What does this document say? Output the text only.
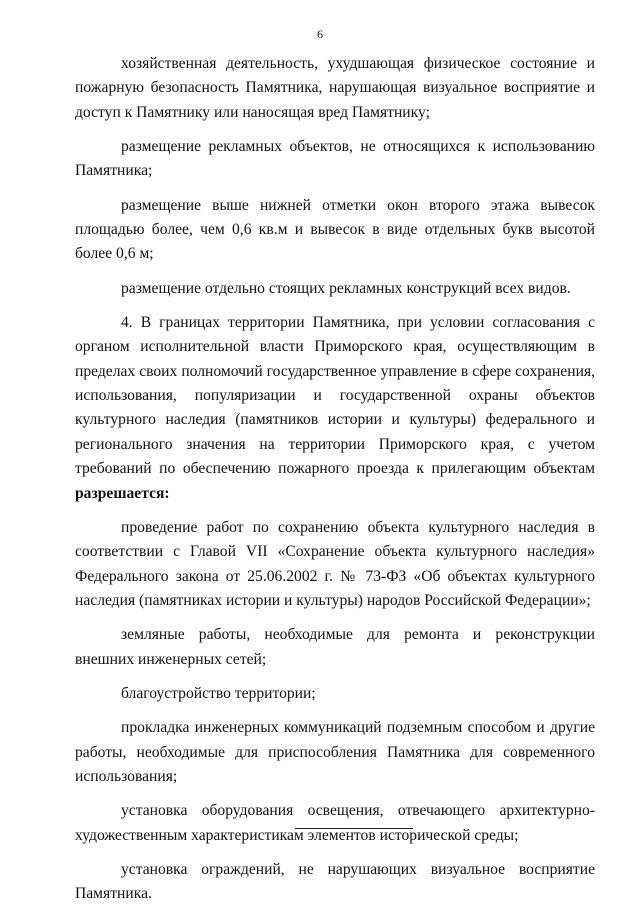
6

хозяйственная деятельность, ухудшающая физическое состояние и пожарную безопасность Памятника, нарушающая визуальное восприятие и доступ к Памятнику или наносящая вред Памятнику;

размещение рекламных объектов, не относящихся к использованию Памятника;

размещение выше нижней отметки окон второго этажа вывесок площадью более, чем 0,6 кв.м и вывесок в виде отдельных букв высотой более 0,6 м;

размещение отдельно стоящих рекламных конструкций всех видов.

4. В границах территории Памятника, при условии согласования с органом исполнительной власти Приморского края, осуществляющим в пределах своих полномочий государственное управление в сфере сохранения, использования, популяризации и государственной охраны объектов культурного наследия (памятников истории и культуры) федерального и регионального значения на территории Приморского края, с учетом требований по обеспечению пожарного проезда к прилегающим объектам разрешается:

проведение работ по сохранению объекта культурного наследия в соответствии с Главой VII «Сохранение объекта культурного наследия» Федерального закона от 25.06.2002 г. № 73-ФЗ «Об объектах культурного наследия (памятниках истории и культуры) народов Российской Федерации»;

земляные работы, необходимые для ремонта и реконструкции внешних инженерных сетей;

благоустройство территории;

прокладка инженерных коммуникаций подземным способом и другие работы, необходимые для приспособления Памятника для современного использования;

установка оборудования освещения, отвечающего архитектурно-художественным характеристикам элементов исторической среды;

установка ограждений, не нарушающих визуальное восприятие Памятника.
